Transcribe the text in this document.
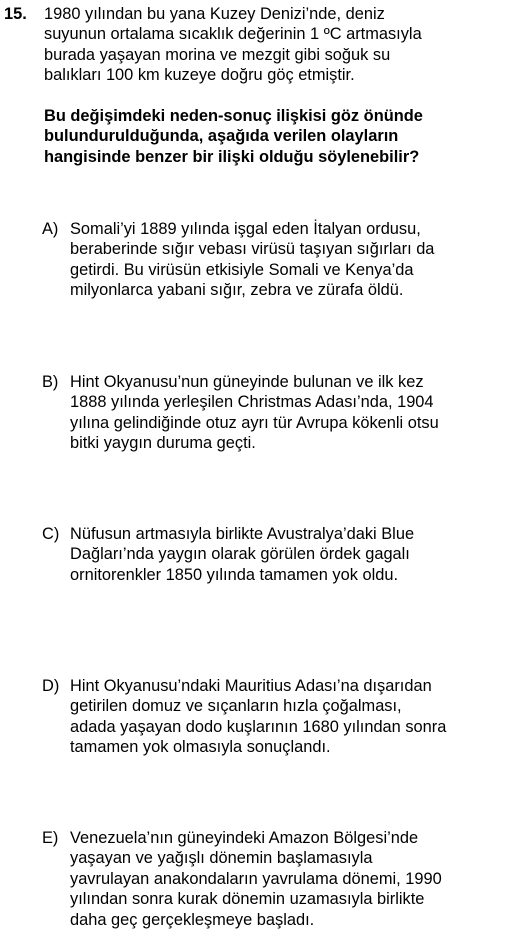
15. 1980 yılından bu yana Kuzey Denizi’nde, deniz
suyunun ortalama sıcaklık değerinin 1 ºC artmasıyla
burada yaşayan morina ve mezgit gibi soğuk su
balıkları 100 km kuzeye doğru göç etmiştir.
Bu değişimdeki neden-sonuç ilişkisi göz önünde
bulundurulduğunda, aşağıda verilen olayların
hangisinde benzer bir ilişki olduğu söylenebilir?
A) Somali’yi 1889 yılında işgal eden İtalyan ordusu,
beraberinde sığır vebası virüsü taşıyan sığırları da
getirdi. Bu virüsün etkisiyle Somali ve Kenya’da
milyonlarca yabani sığır, zebra ve zürafa öldü.
B) Hint Okyanusu’nun güneyinde bulunan ve ilk kez
1888 yılında yerleşilen Christmas Adası’nda, 1904
yılına gelindiğinde otuz ayrı tür Avrupa kökenli otsu
bitki yaygın duruma geçti.
C) Nüfusun artmasıyla birlikte Avustralya’daki Blue
Dağları’nda yaygın olarak görülen ördek gagalı
ornitorenkler 1850 yılında tamamen yok oldu.
D) Hint Okyanusu’ndaki Mauritius Adası’na dışarıdan
getirilen domuz ve sıçanların hızla çoğalması,
adada yaşayan dodo kuşlarının 1680 yılından sonra
tamamen yok olmasıyla sonuçlandı.
E) Venezuela’nın güneyindeki Amazon Bölgesi’nde
yaşayan ve yağışlı dönemin başlamasıyla
yavrulayan anakondaların yavrulama dönemi, 1990
yılından sonra kurak dönemin uzamasıyla birlikte
daha geç gerçekleşmeye başladı.
